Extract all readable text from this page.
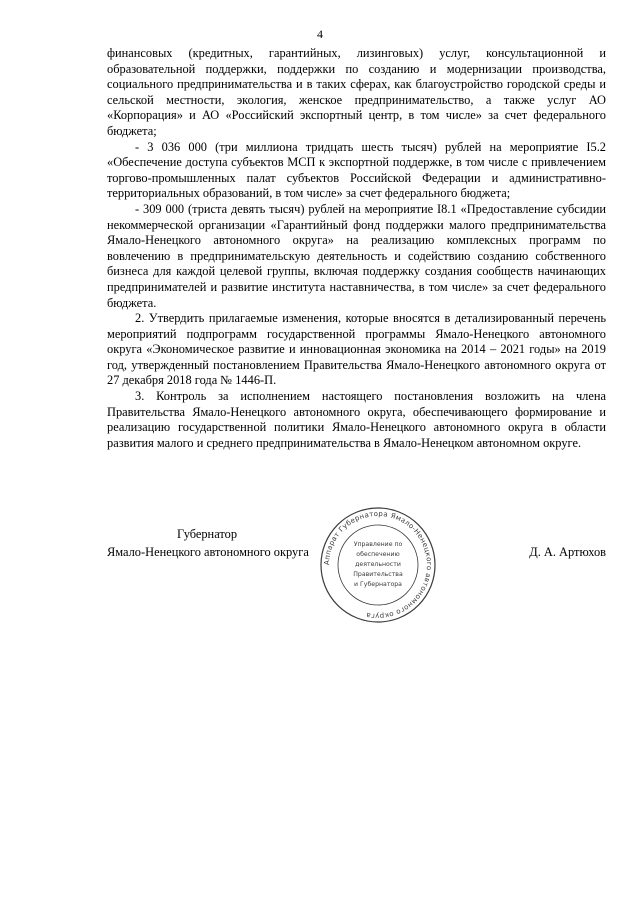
4

финансовых (кредитных, гарантийных, лизинговых) услуг, консультационной и образовательной поддержки, поддержки по созданию и модернизации производства, социального предпринимательства и в таких сферах, как благоустройство городской среды и сельской местности, экология, женское предпринимательство, а также услуг АО «Корпорация» и АО «Российский экспортный центр, в том числе» за счет федерального бюджета;

- 3 036 000 (три миллиона тридцать шесть тысяч) рублей на мероприятие I5.2 «Обеспечение доступа субъектов МСП к экспортной поддержке, в том числе с привлечением торгово-промышленных палат субъектов Российской Федерации и административно-территориальных образований, в том числе» за счет федерального бюджета;

- 309 000 (триста девять тысяч) рублей на мероприятие I8.1 «Предоставление субсидии некоммерческой организации «Гарантийный фонд поддержки малого предпринимательства Ямало-Ненецкого автономного округа» на реализацию комплексных программ по вовлечению в предпринимательскую деятельность и содействию созданию собственного бизнеса для каждой целевой группы, включая поддержку создания сообществ начинающих предпринимателей и развитие института наставничества, в том числе» за счет федерального бюджета.

2. Утвердить прилагаемые изменения, которые вносятся в детализированный перечень мероприятий подпрограмм государственной программы Ямало-Ненецкого автономного округа «Экономическое развитие и инновационная экономика на 2014 – 2021 годы» на 2019 год, утвержденный постановлением Правительства Ямало-Ненецкого автономного округа от 27 декабря 2018 года № 1446-П.

3. Контроль за исполнением настоящего постановления возложить на члена Правительства Ямало-Ненецкого автономного округа, обеспечивающего формирование и реализацию государственной политики Ямало-Ненецкого автономного округа в области развития малого и среднего предпринимательства в Ямало-Ненецком автономном округе.

Губернатор
Ямало-Ненецкого автономного округа	Д. А. Артюхов
Аппарат Губернатора Ямало-Ненецкого автономного округа
Управление по
обеспечению
деятельности
Правительства
и Губернатора
